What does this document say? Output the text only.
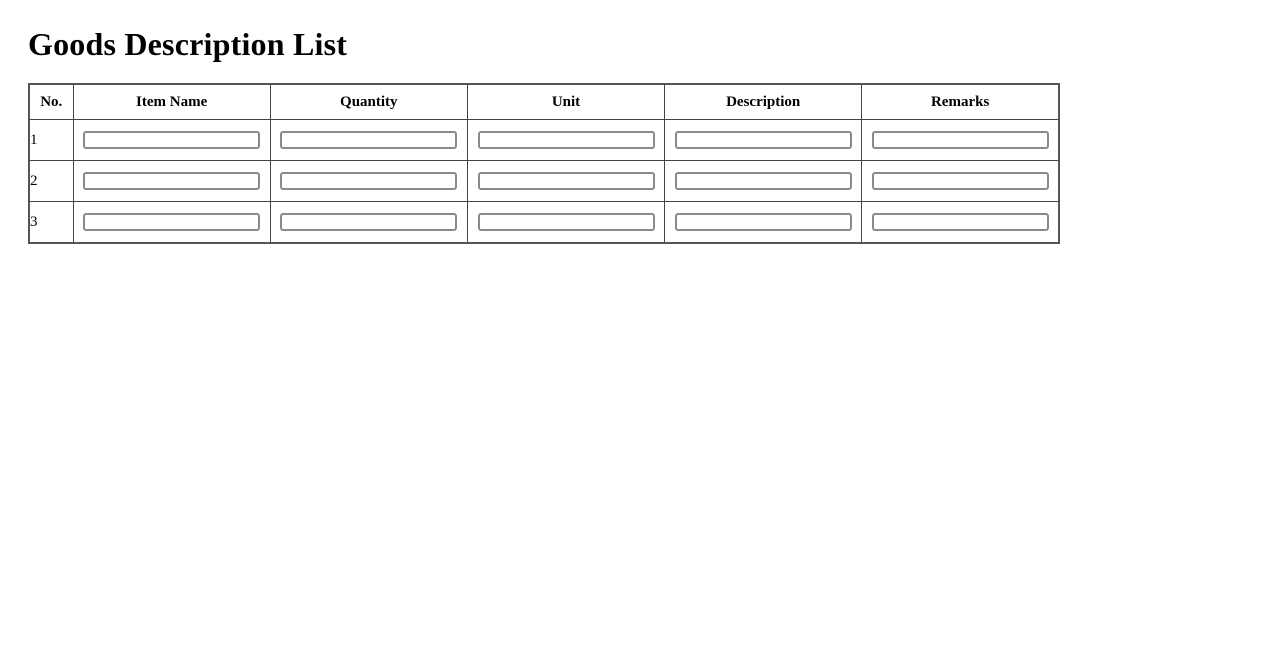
Goods Description List
No.	Item Name	Quantity	Unit	Description	Remarks
1					
2					
3					
